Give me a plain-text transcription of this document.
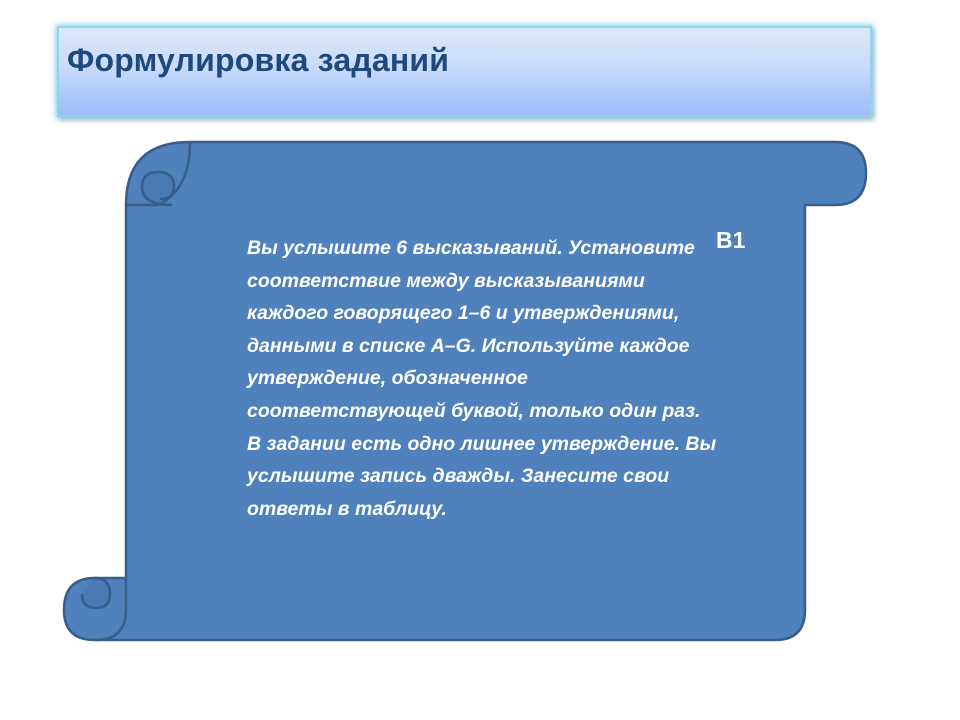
Формулировка заданий

Вы услышите 6 высказываний. Установите соответствие между высказываниями каждого говорящего 1–6 и утверждениями, данными в списке A–G. Используйте каждое утверждение, обозначенное соответствующей буквой, только один раз. В задании есть одно лишнее утверждение. Вы услышите запись дважды. Занесите свои ответы в таблицу.

B1
